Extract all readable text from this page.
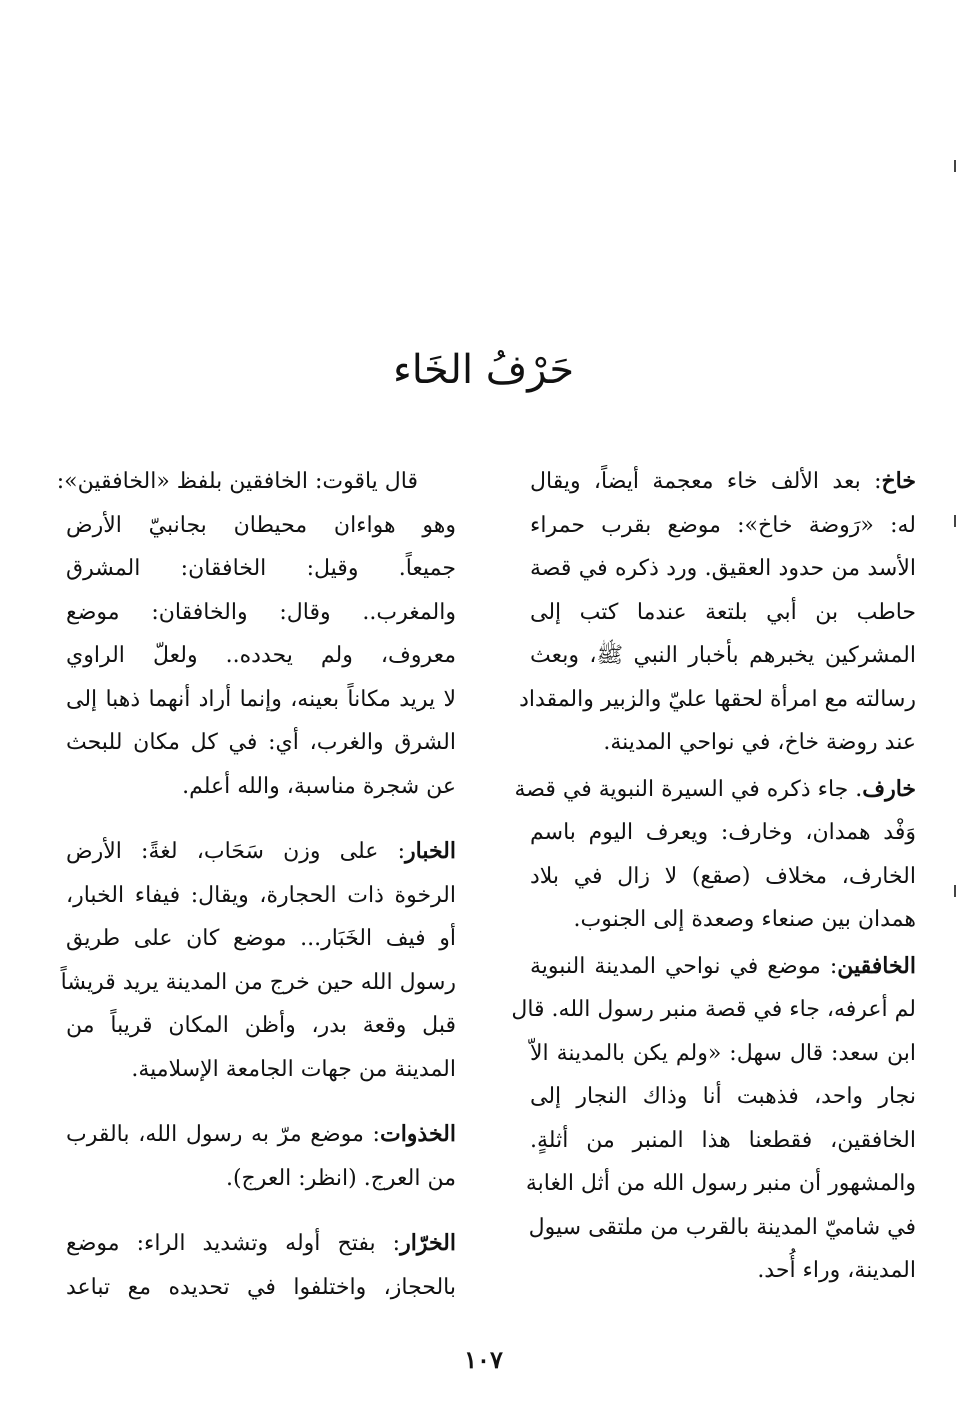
حَرْفُ الخَاء
خاخ: بعد الألف خاء معجمة أيضاً، ويقال
له: «رَوضة خاخ»: موضع بقرب حمراء
الأسد من حدود العقيق. ورد ذكره في قصة
حاطب بن أبي بلتعة عندما كتب إلى
المشركين يخبرهم بأخبار النبي ﷺ، وبعث
رسالته مع امرأة لحقها عليّ والزبير والمقداد
عند روضة خاخ، في نواحي المدينة.
خارف. جاء ذكره في السيرة النبوية في قصة
وَفْد همدان، وخارف: ويعرف اليوم باسم
الخارف، مخلاف (صقع) لا زال في بلاد
همدان بين صنعاء وصعدة إلى الجنوب.
الخافقين: موضع في نواحي المدينة النبوية
لم أعرفه، جاء في قصة منبر رسول الله. قال
ابن سعد: قال سهل: «ولم يكن بالمدينة الاّ
نجار واحد، فذهبت أنا وذاك النجار إلى
الخافقين، فقطعنا هذا المنبر من أثلةٍ.
والمشهور أن منبر رسول الله من أثل الغابة
في شاميّ المدينة بالقرب من ملتقى سيول
المدينة، وراء أُحد.
قال ياقوت: الخافقين بلفظ «الخافقين»:
وهو هواءان محيطان بجانبيّ الأرض
جميعاً. وقيل: الخافقان: المشرق
والمغرب.. وقال: والخافقان: موضع
معروف، ولم يحدده.. ولعلّ الراوي
لا يريد مكاناً بعينه، وإنما أراد أنهما ذهبا إلى
الشرق والغرب، أي: في كل مكان للبحث
عن شجرة مناسبة، والله أعلم.
الخبار: على وزن سَحَاب، لغةً: الأرض
الرخوة ذات الحجارة، ويقال: فيفاء الخبار،
أو فيف الخَبَار... موضع كان على طريق
رسول الله حين خرج من المدينة يريد قريشاً
قبل وقعة بدر، وأظن المكان قريباً من
المدينة من جهات الجامعة الإسلامية.
الخذوات: موضع مرّ به رسول الله، بالقرب
من العرج. (انظر: العرج).
الخرّار: بفتح أوله وتشديد الراء: موضع
بالحجاز، واختلفوا في تحديده مع تباعد
١٠٧
